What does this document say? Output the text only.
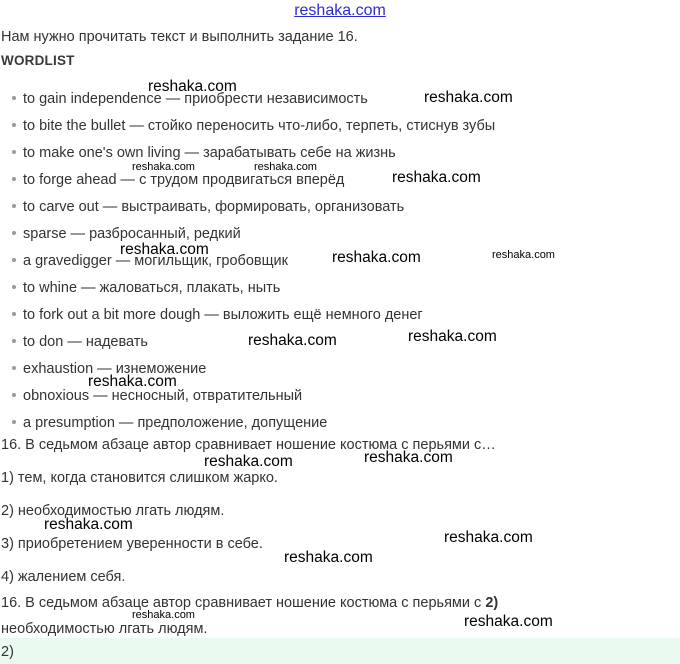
reshaka.com
Нам нужно прочитать текст и выполнить задание 16.
WORDLIST
to gain independence — приобрести независимость
to bite the bullet — стойко переносить что-либо, терпеть, стиснув зубы
to make one's own living — зарабатывать себе на жизнь
to forge ahead — с трудом продвигаться вперёд
to carve out — выстраивать, формировать, организовать
sparse — разбросанный, редкий
a gravedigger — могильщик, гробовщик
to whine — жаловаться, плакать, ныть
to fork out a bit more dough — выложить ещё немного денег
to don — надевать
exhaustion — изнеможение
obnoxious — несносный, отвратительный
a presumption — предположение, допущение
16. В седьмом абзаце автор сравнивает ношение костюма с перьями с…
1) тем, когда становится слишком жарко.
2) необходимостью лгать людям.
3) приобретением уверенности в себе.
4) жалением себя.
16. В седьмом абзаце автор сравнивает ношение костюма с перьями с 2)
необходимостью лгать людям.
2)
reshaka.com
reshaka.com
reshaka.com	reshaka.com
reshaka.com
reshaka.com	reshaka.com	reshaka.com
reshaka.com	reshaka.com
reshaka.com
reshaka.com	reshaka.com
reshaka.com
reshaka.com
reshaka.com
reshaka.com	reshaka.com
